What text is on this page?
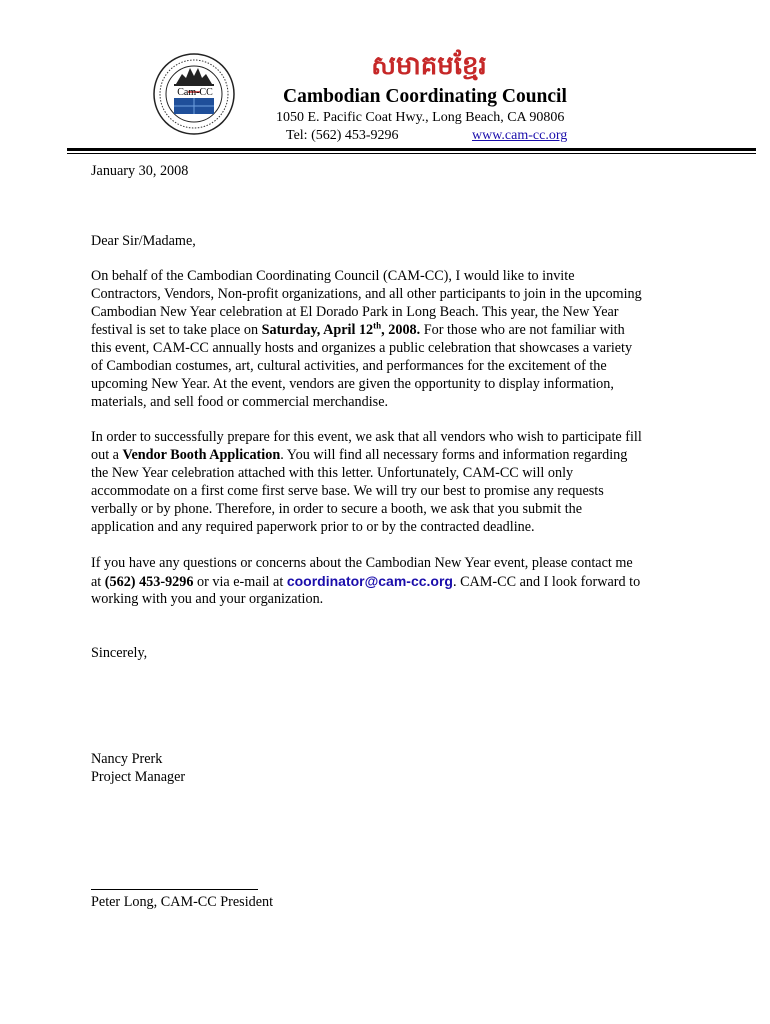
Cam-CC
សមាគមខ្មែរ
Cambodian Coordinating Council
1050 E. Pacific Coat Hwy., Long Beach, CA 90806
Tel: (562) 453-9296	www.cam-cc.org
January 30, 2008
Dear Sir/Madame,
On behalf of the Cambodian Coordinating Council (CAM-CC), I would like to invite
Contractors, Vendors, Non-profit organizations, and all other participants to join in the upcoming
Cambodian New Year celebration at El Dorado Park in Long Beach. This year, the New Year
festival is set to take place on Saturday, April 12th, 2008. For those who are not familiar with
this event, CAM-CC annually hosts and organizes a public celebration that showcases a variety
of Cambodian costumes, art, cultural activities, and performances for the excitement of the
upcoming New Year. At the event, vendors are given the opportunity to display information,
materials, and sell food or commercial merchandise.
In order to successfully prepare for this event, we ask that all vendors who wish to participate fill
out a Vendor Booth Application. You will find all necessary forms and information regarding
the New Year celebration attached with this letter. Unfortunately, CAM-CC will only
accommodate on a first come first serve base. We will try our best to promise any requests
verbally or by phone. Therefore, in order to secure a booth, we ask that you submit the
application and any required paperwork prior to or by the contracted deadline.
If you have any questions or concerns about the Cambodian New Year event, please contact me
at (562) 453-9296 or via e-mail at coordinator@cam-cc.org. CAM-CC and I look forward to
working with you and your organization.
Sincerely,
Nancy Prerk
Project Manager
Peter Long, CAM-CC President
